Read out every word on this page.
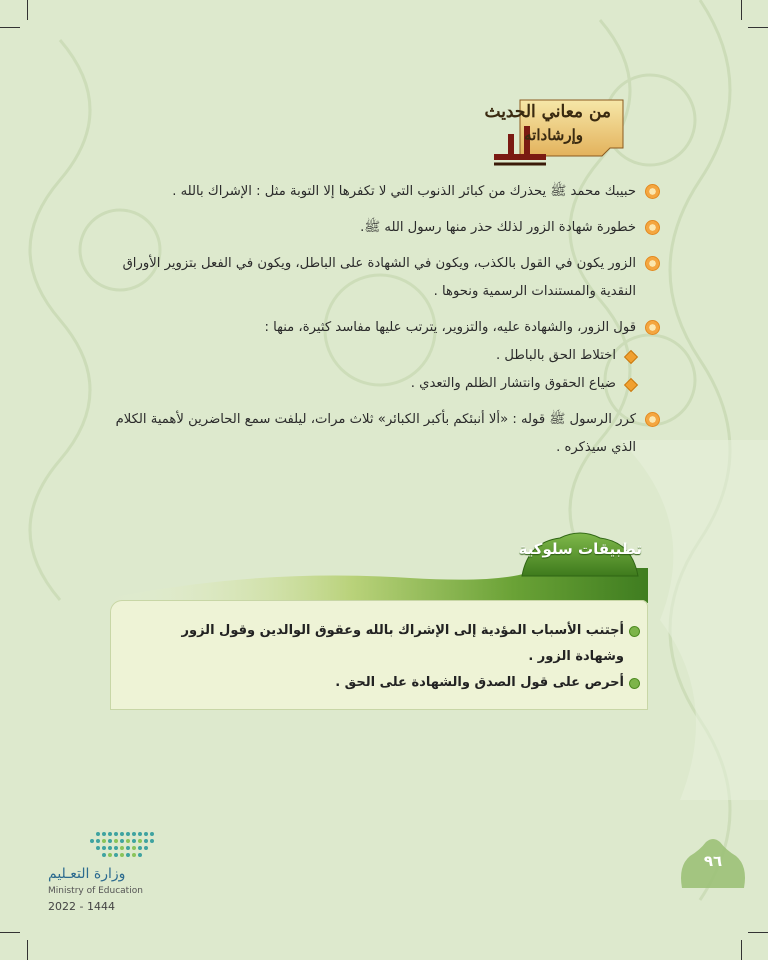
من معاني الحديث
وإرشاداته
حبيبك محمد ﷺ يحذرك من كبائر الذنوب التي لا تكفرها إلا التوبة مثل : الإشراك بالله .
خطورة شهادة الزور لذلك حذر منها رسول الله ﷺ.
الزور يكون في القول بالكذب، ويكون في الشهادة على الباطل، ويكون في الفعل بتزوير الأوراق النقدية والمستندات الرسمية ونحوها .
قول الزور، والشهادة عليه، والتزوير، يترتب عليها مفاسد كثيرة، منها :
اختلاط الحق بالباطل .
ضياع الحقوق وانتشار الظلم والتعدي .
كرر الرسول ﷺ قوله : «ألا أنبئكم بأكبر الكبائر» ثلاث مرات، ليلفت سمع الحاضرين لأهمية الكلام الذي سيذكره .
تطبيقات سلوكية
أجتنب الأسباب المؤدية إلى الإشراك بالله وعقوق الوالدين وقول الزور وشهادة الزور .
أحرص على قول الصدق والشهادة على الحق .
وزارة التعـليم
Ministry of Education
2022 - 1444
٩٦
